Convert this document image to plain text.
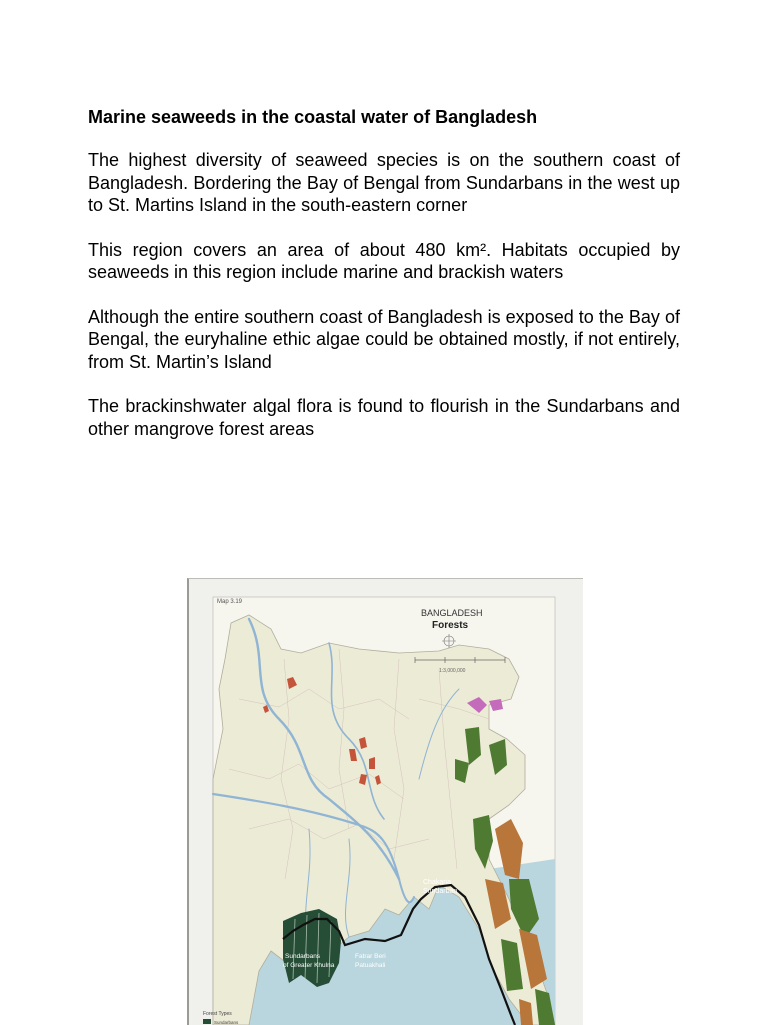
Marine seaweeds in the coastal water of Bangladesh

The highest diversity of seaweed species is on the southern coast of Bangladesh. Bordering the Bay of Bengal from Sundarbans in the west up to St. Martins Island in the south-eastern corner

This region covers an area of about 480 km². Habitats occupied by seaweeds in this region include marine and brackish waters

Although the entire southern coast of Bangladesh is exposed to the Bay of Bengal, the euryhaline ethic algae could be obtained mostly, if not entirely, from St. Martin’s Island

The brackinshwater algal flora is found to flourish in the Sundarbans and other mangrove forest areas

Map 3.19
BANGLADESH
Forests
1:3,000,000
Chakaria
Sundarban
Sundarbans
of Greater Khulna
Fatrar Beri
Patuakhali
Forest Types
Sundarbans
